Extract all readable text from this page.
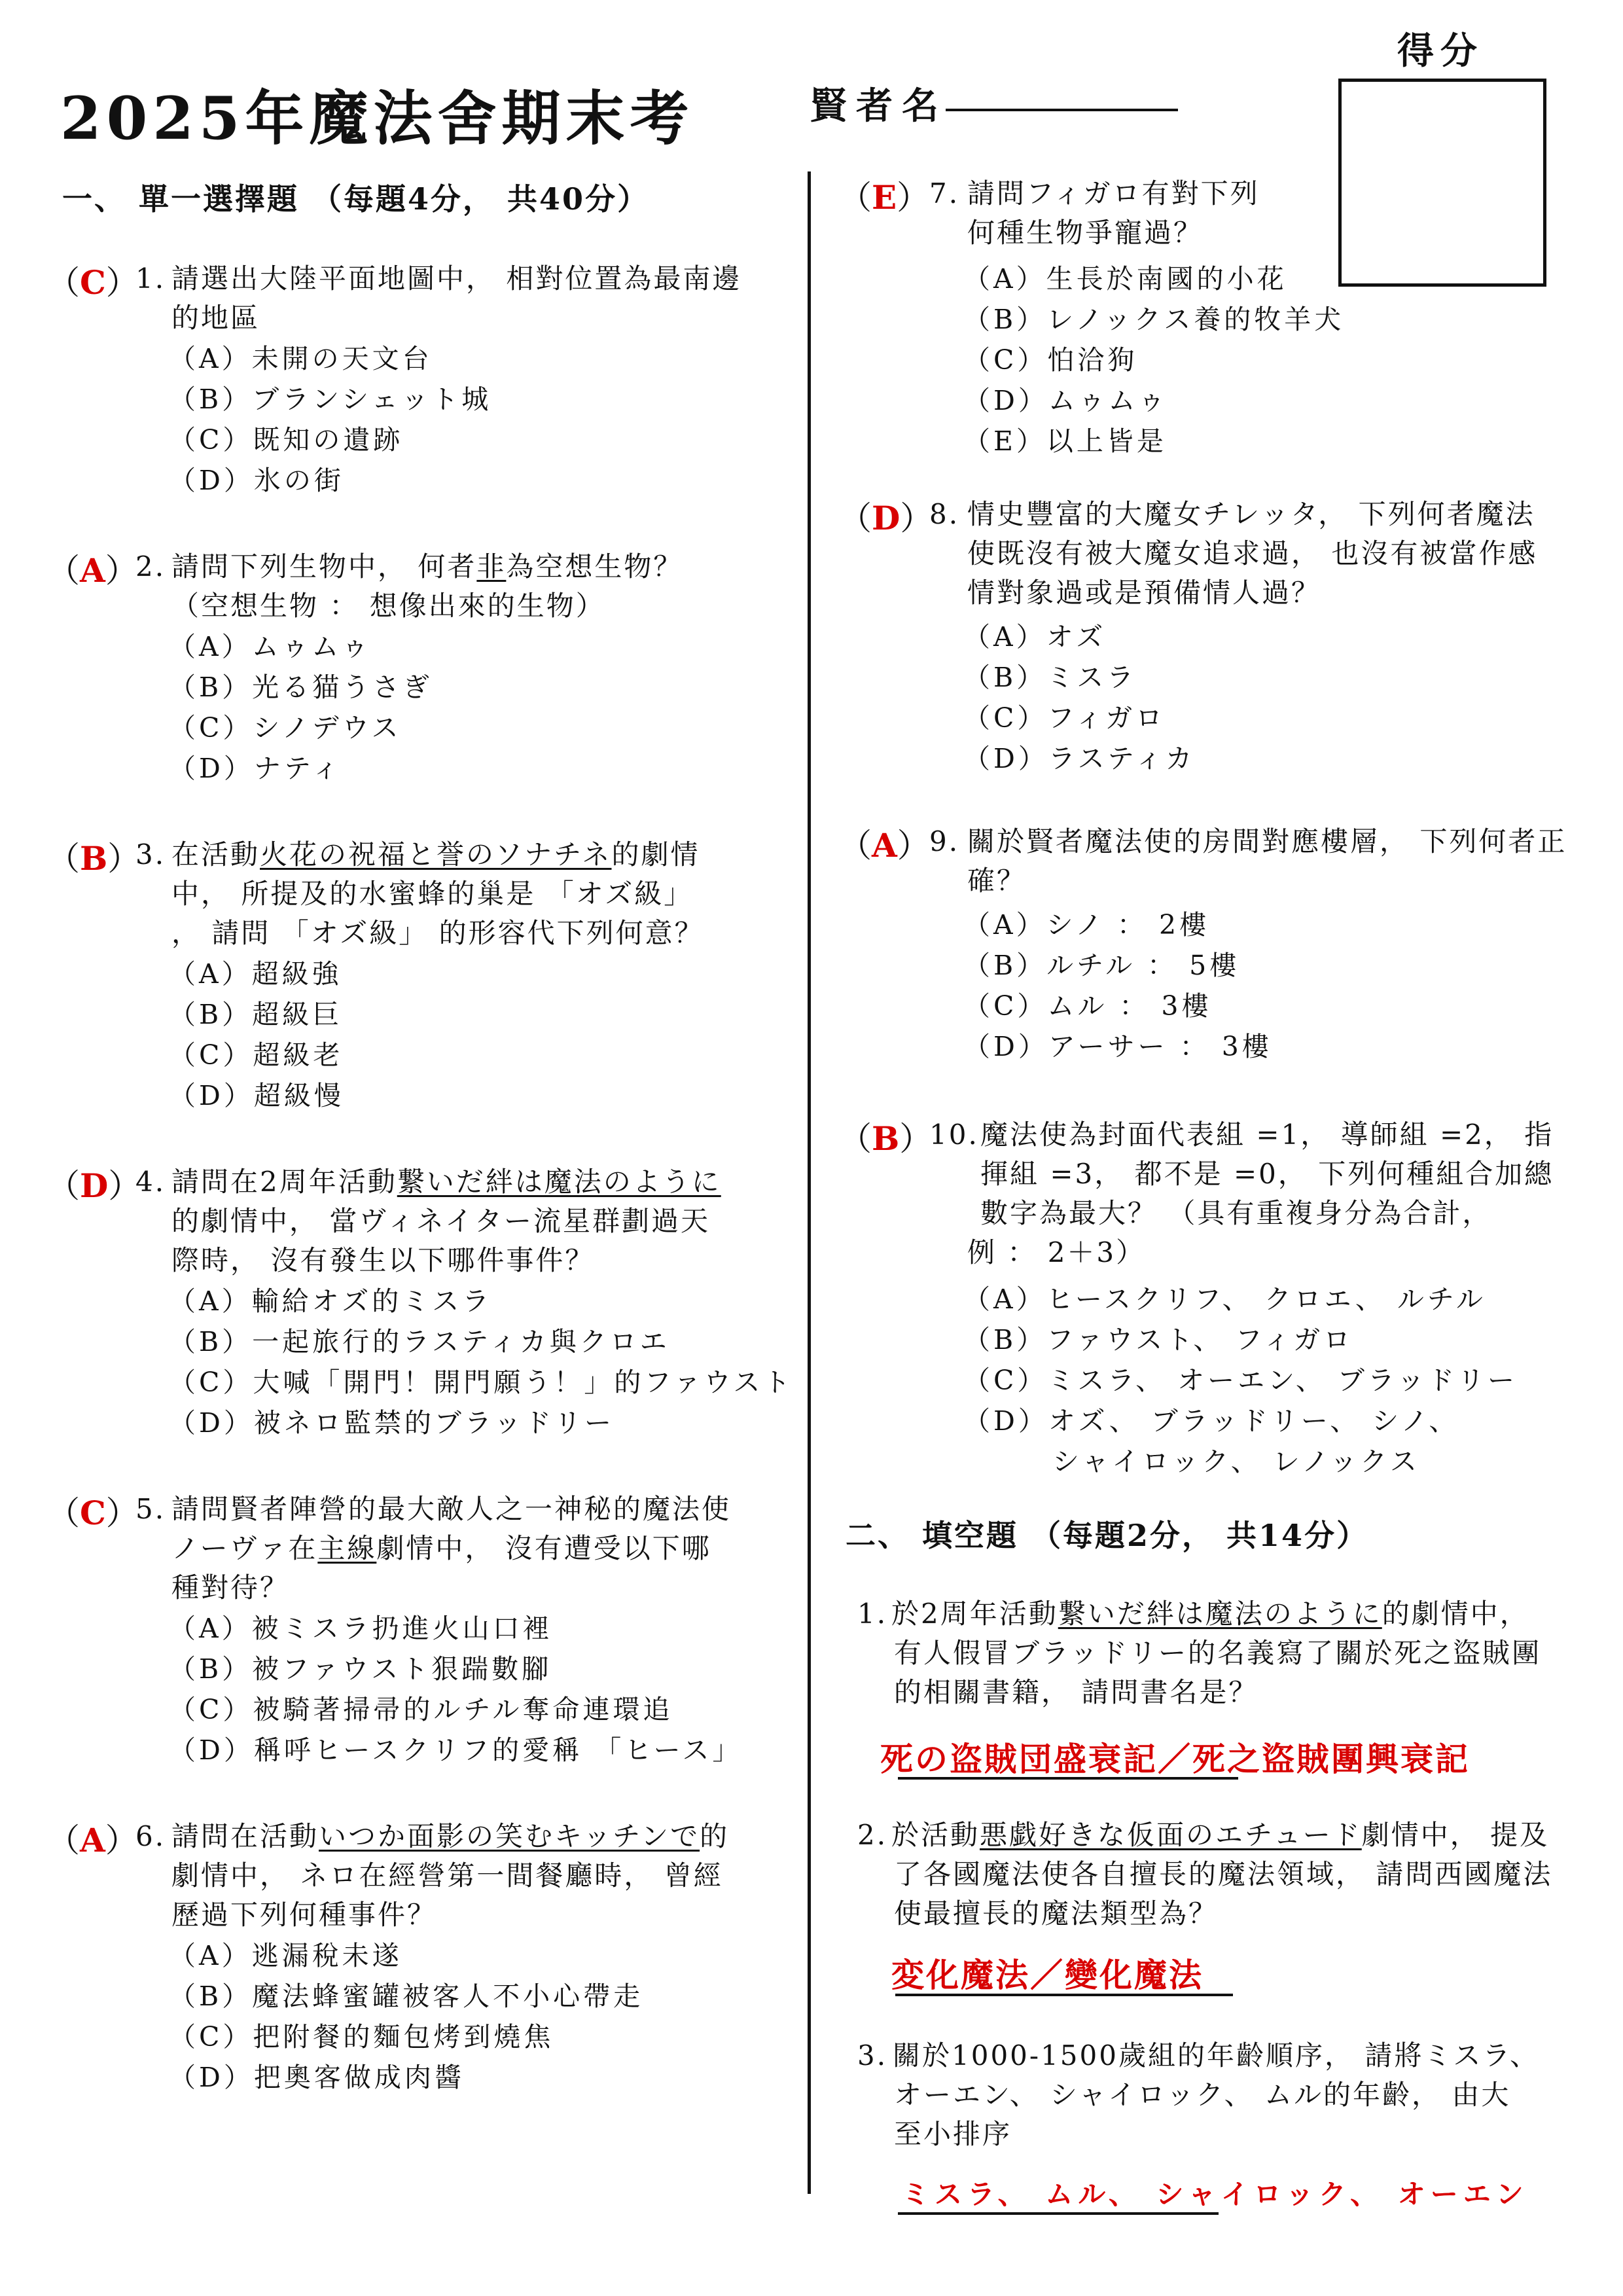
2025年魔法舍期末考	賢者名
得分
一、 單一選擇題 （每題4分， 共40分）
（C）
1. 請選出大陸平面地圖中， 相對位置為最南邊
的地區
（A）未開の天文台
（B）ブランシェット城
（C）既知の遺跡
（D）氷の街
（A）
2. 請問下列生物中， 何者非為空想生物？
（空想生物 ： 想像出來的生物）
（A）ムゥムゥ
（B）光る猫うさぎ
（C）シノデウス
（D）ナティ
（B）
3. 在活動火花の祝福と誉のソナチネ的劇情
中， 所提及的水蜜蜂的巢是 「オズ級」
， 請問 「オズ級」 的形容代下列何意？
（A）超級強
（B）超級巨
（C）超級老
（D）超級慢
（D）
4. 請問在2周年活動繋いだ絆は魔法のように
的劇情中， 當ヴィネイター流星群劃過天
際時， 沒有發生以下哪件事件？
（A）輸給オズ的ミスラ
（B）一起旅行的ラスティカ與クロエ
（C）大喊「開門！開門願う！」的ファウスト
（D）被ネロ監禁的ブラッドリー
（C）
5. 請問賢者陣營的最大敵人之一神秘的魔法使
ノーヴァ在主線劇情中， 沒有遭受以下哪
種對待？
（A）被ミスラ扔進火山口裡
（B）被ファウスト狠踹數腳
（C）被騎著掃帚的ルチル奪命連環追
（D）稱呼ヒースクリフ的愛稱 「ヒース」
（A）
6. 請問在活動いつか面影の笑むキッチンで的
劇情中， ネロ在經營第一間餐廳時， 曾經
歷過下列何種事件？
（A）逃漏稅未遂
（B）魔法蜂蜜罐被客人不小心帶走
（C）把附餐的麵包烤到燒焦
（D）把奧客做成肉醬
（E） 7. 請問フィガロ有對下列
何種生物爭寵過？
（A）生長於南國的小花
（B）レノックス養的牧羊犬
（C）怕洽狗
（D）ムゥムゥ
（E）以上皆是
（D）
8. 情史豐富的大魔女チレッタ， 下列何者魔法
使既沒有被大魔女追求過， 也沒有被當作感
情對象過或是預備情人過？
（A）オズ
（B）ミスラ
（C）フィガロ
（D）ラスティカ
（A） 9. 關於賢者魔法使的房間對應樓層， 下列何者正
確？
（A）シノ ： 2樓
（B）ルチル ： 5樓
（C）ムル ： 3樓
（D）アーサー ： 3樓
（B）
10. 魔法使為封面代表組 =1， 導師組 =2， 指
揮組 =3， 都不是 =0， 下列何種組合加總
數字為最大？ （具有重複身分為合計，
例 ： 2＋3）
（A）ヒースクリフ、 クロエ、 ルチル
（B）ファウスト、 フィガロ
（C）ミスラ、 オーエン、 ブラッドリー
（D）オズ、 ブラッドリー、 シノ、
シャイロック、 レノックス
二、 填空題 （每題2分， 共14分）
1. 於2周年活動繋いだ絆は魔法のように的劇情中，
有人假冒ブラッドリー的名義寫了關於死之盜賊團
的相關書籍， 請問書名是？
死の盗賊団盛衰記／死之盜賊團興衰記
2. 於活動悪戯好きな仮面のエチュード劇情中， 提及
了各國魔法使各自擅長的魔法領域， 請問西國魔法
使最擅長的魔法類型為？
変化魔法／變化魔法
3. 關於1000-1500歲組的年齡順序， 請將ミスラ、
オーエン、 シャイロック、 ムル的年齡， 由大
至小排序
ミスラ、 ムル、 シャイロック、 オーエン
